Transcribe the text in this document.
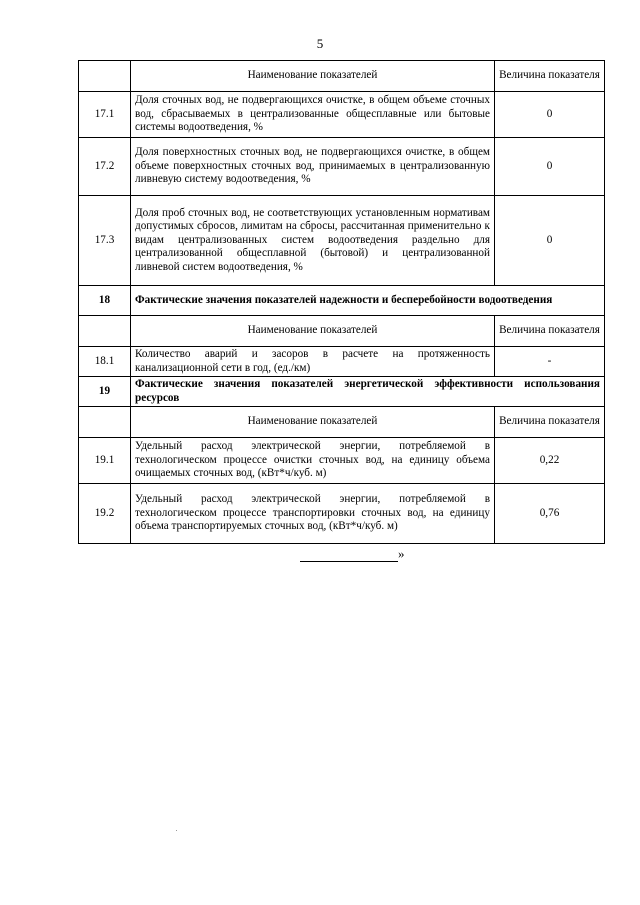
5
	Наименование показателей	Величина показателя
17.1	Доля сточных вод, не подвергающихся очистке, в общем объеме сточных вод, сбрасываемых в централизованные общесплавные или бытовые системы водоотведения, %	0
17.2	Доля поверхностных сточных вод, не подвергающихся очистке, в общем объеме поверхностных сточных вод, принимаемых в централизованную ливневую систему водоотведения, %	0
17.3	Доля проб сточных вод, не соответствующих установленным нормативам допустимых сбросов, лимитам на сбросы, рассчитанная применительно к видам централизованных систем водоотведения раздельно для централизованной общесплавной (бытовой) и централизованной ливневой систем водоотведения, %	0
18	Фактические значения показателей надежности и бесперебойности водоотведения	
	Наименование показателей	Величина показателя
18.1	Количество аварий и засоров в расчете на протяженность канализационной сети в год, (ед./км)	-
19	Фактические значения показателей энергетической эффективности использования ресурсов	
	Наименование показателей	Величина показателя
19.1	Удельный расход электрической энергии, потребляемой в технологическом процессе очистки сточных вод, на единицу объема очищаемых сточных вод, (кВт*ч/куб. м)	0,22
19.2	Удельный расход электрической энергии, потребляемой в технологическом процессе транспортировки сточных вод, на единицу объема транспортируемых сточных вод, (кВт*ч/куб. м)	0,76
»
